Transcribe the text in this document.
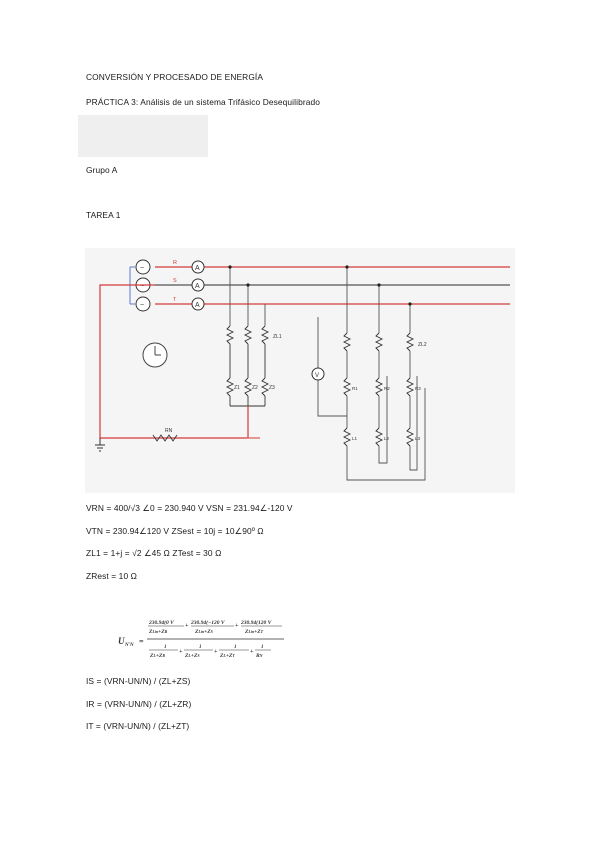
CONVERSIÓN Y PROCESADO DE ENERGÍA
PRÁCTICA 3: Análisis de un sistema Trifásico Desequilibrado
Grupo A
TAREA 1
~
~
~
R
S
T
A
A
A
RN
ZL1
Z1 Z2 Z3
ZL2
R1	R2	R3
L1	L2	L3
V
VRN = 400/√3 ∠0 = 230.940 V VSN = 231.94∠-120 V
VTN = 230.94∠120 V ZSest = 10j = 10∠90º Ω
ZL1 = 1+j = √2 ∠45 Ω ZTest = 30 Ω
ZRest = 10 Ω
U N'N =
230.94(0 V
ZLin+ZR
+ 230.94(−120 V
ZLin+ZS
+ 230.94(120 V
ZLin+ZT
1
ZL+ZR
+
1
ZL+ZS
+
1
ZL+ZT
+
1
RN
IS = (VRN-UN/N) / (ZL+ZS)
IR = (VRN-UN/N) / (ZL+ZR)
IT = (VRN-UN/N) / (ZL+ZT)
